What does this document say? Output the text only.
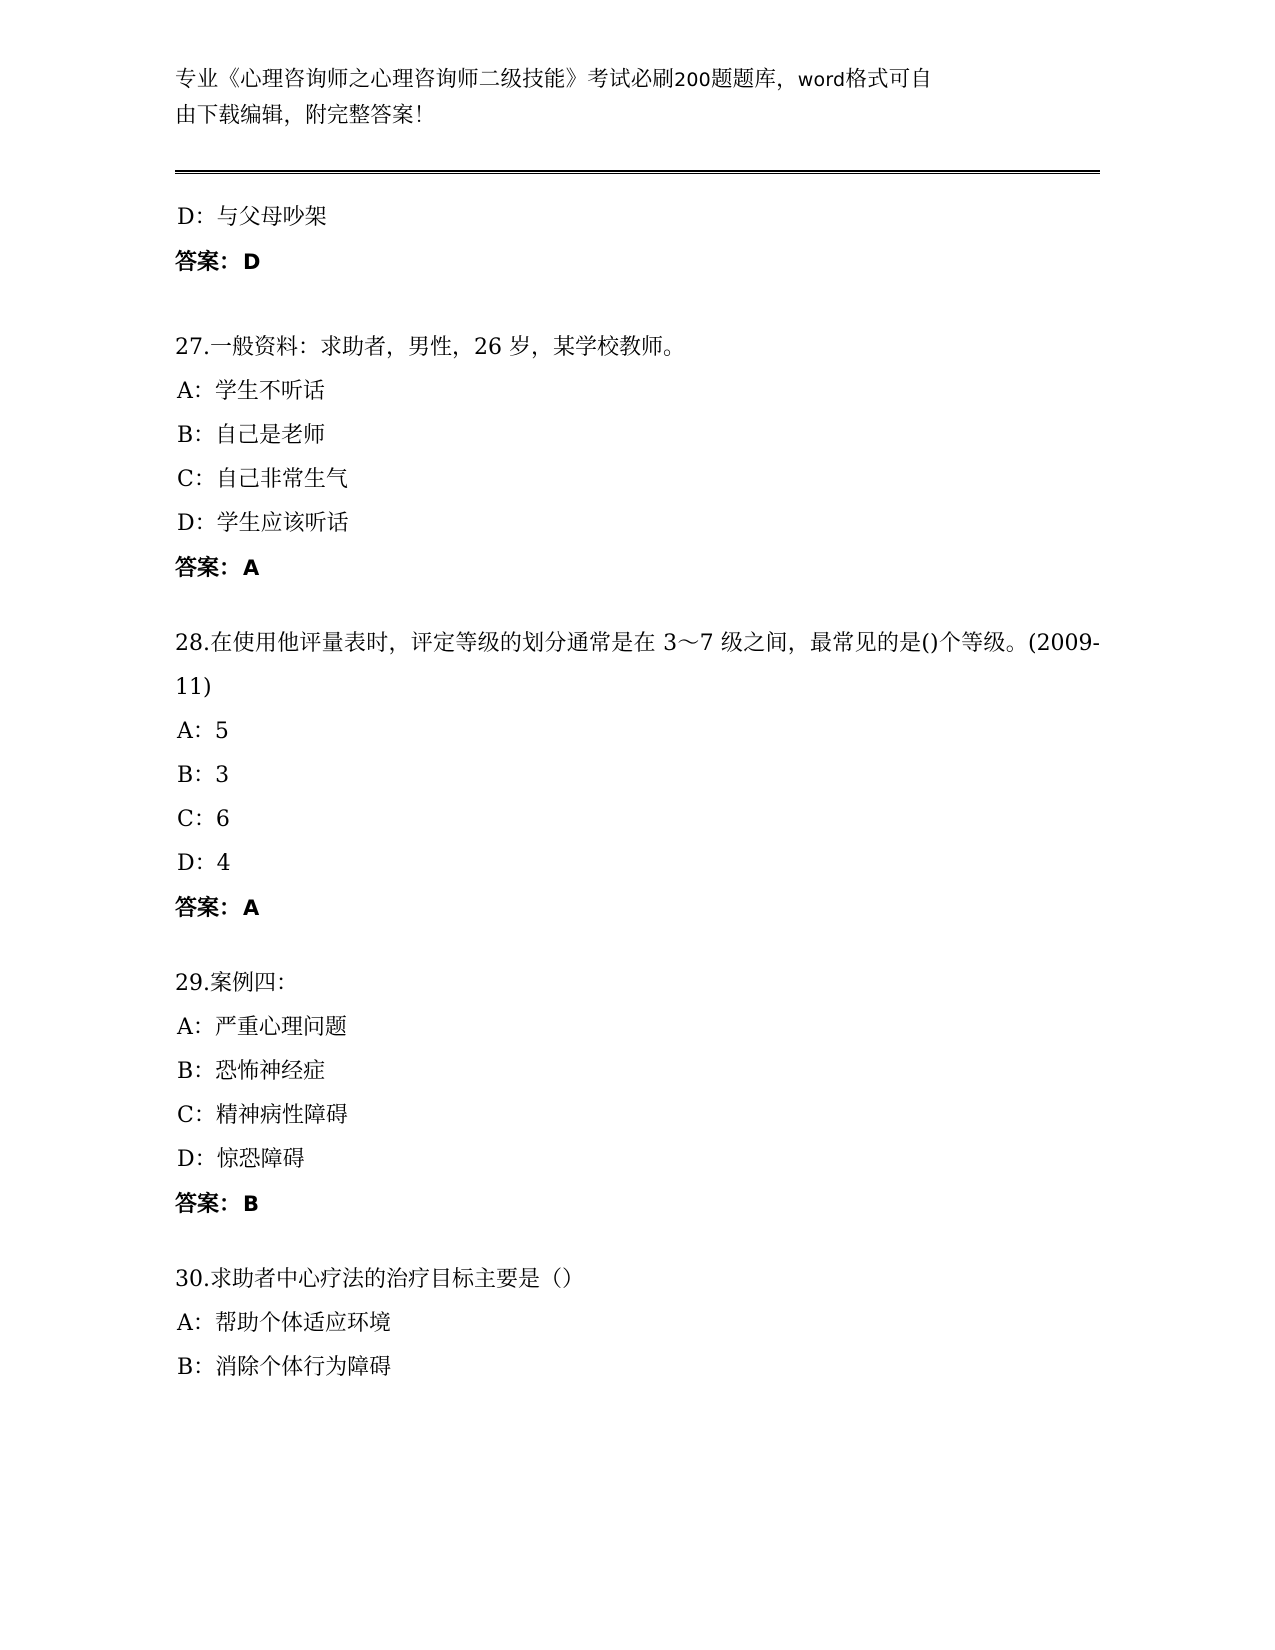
专业《心理咨询师之心理咨询师二级技能》考试必刷200题题库，word格式可自
由下载编辑，附完整答案！
D：与父母吵架
答案：D
27.一般资料：求助者，男性，26 岁，某学校教师。
A：学生不听话
B：自己是老师
C：自己非常生气
D：学生应该听话
答案：A
28.在使用他评量表时，评定等级的划分通常是在 3～7 级之间，最常见的是()个等级。(2009-11)
A：5
B：3
C：6
D：4
答案：A
29.案例四：
A：严重心理问题
B：恐怖神经症
C：精神病性障碍
D：惊恐障碍
答案：B
30.求助者中心疗法的治疗目标主要是（）
A：帮助个体适应环境
B：消除个体行为障碍
